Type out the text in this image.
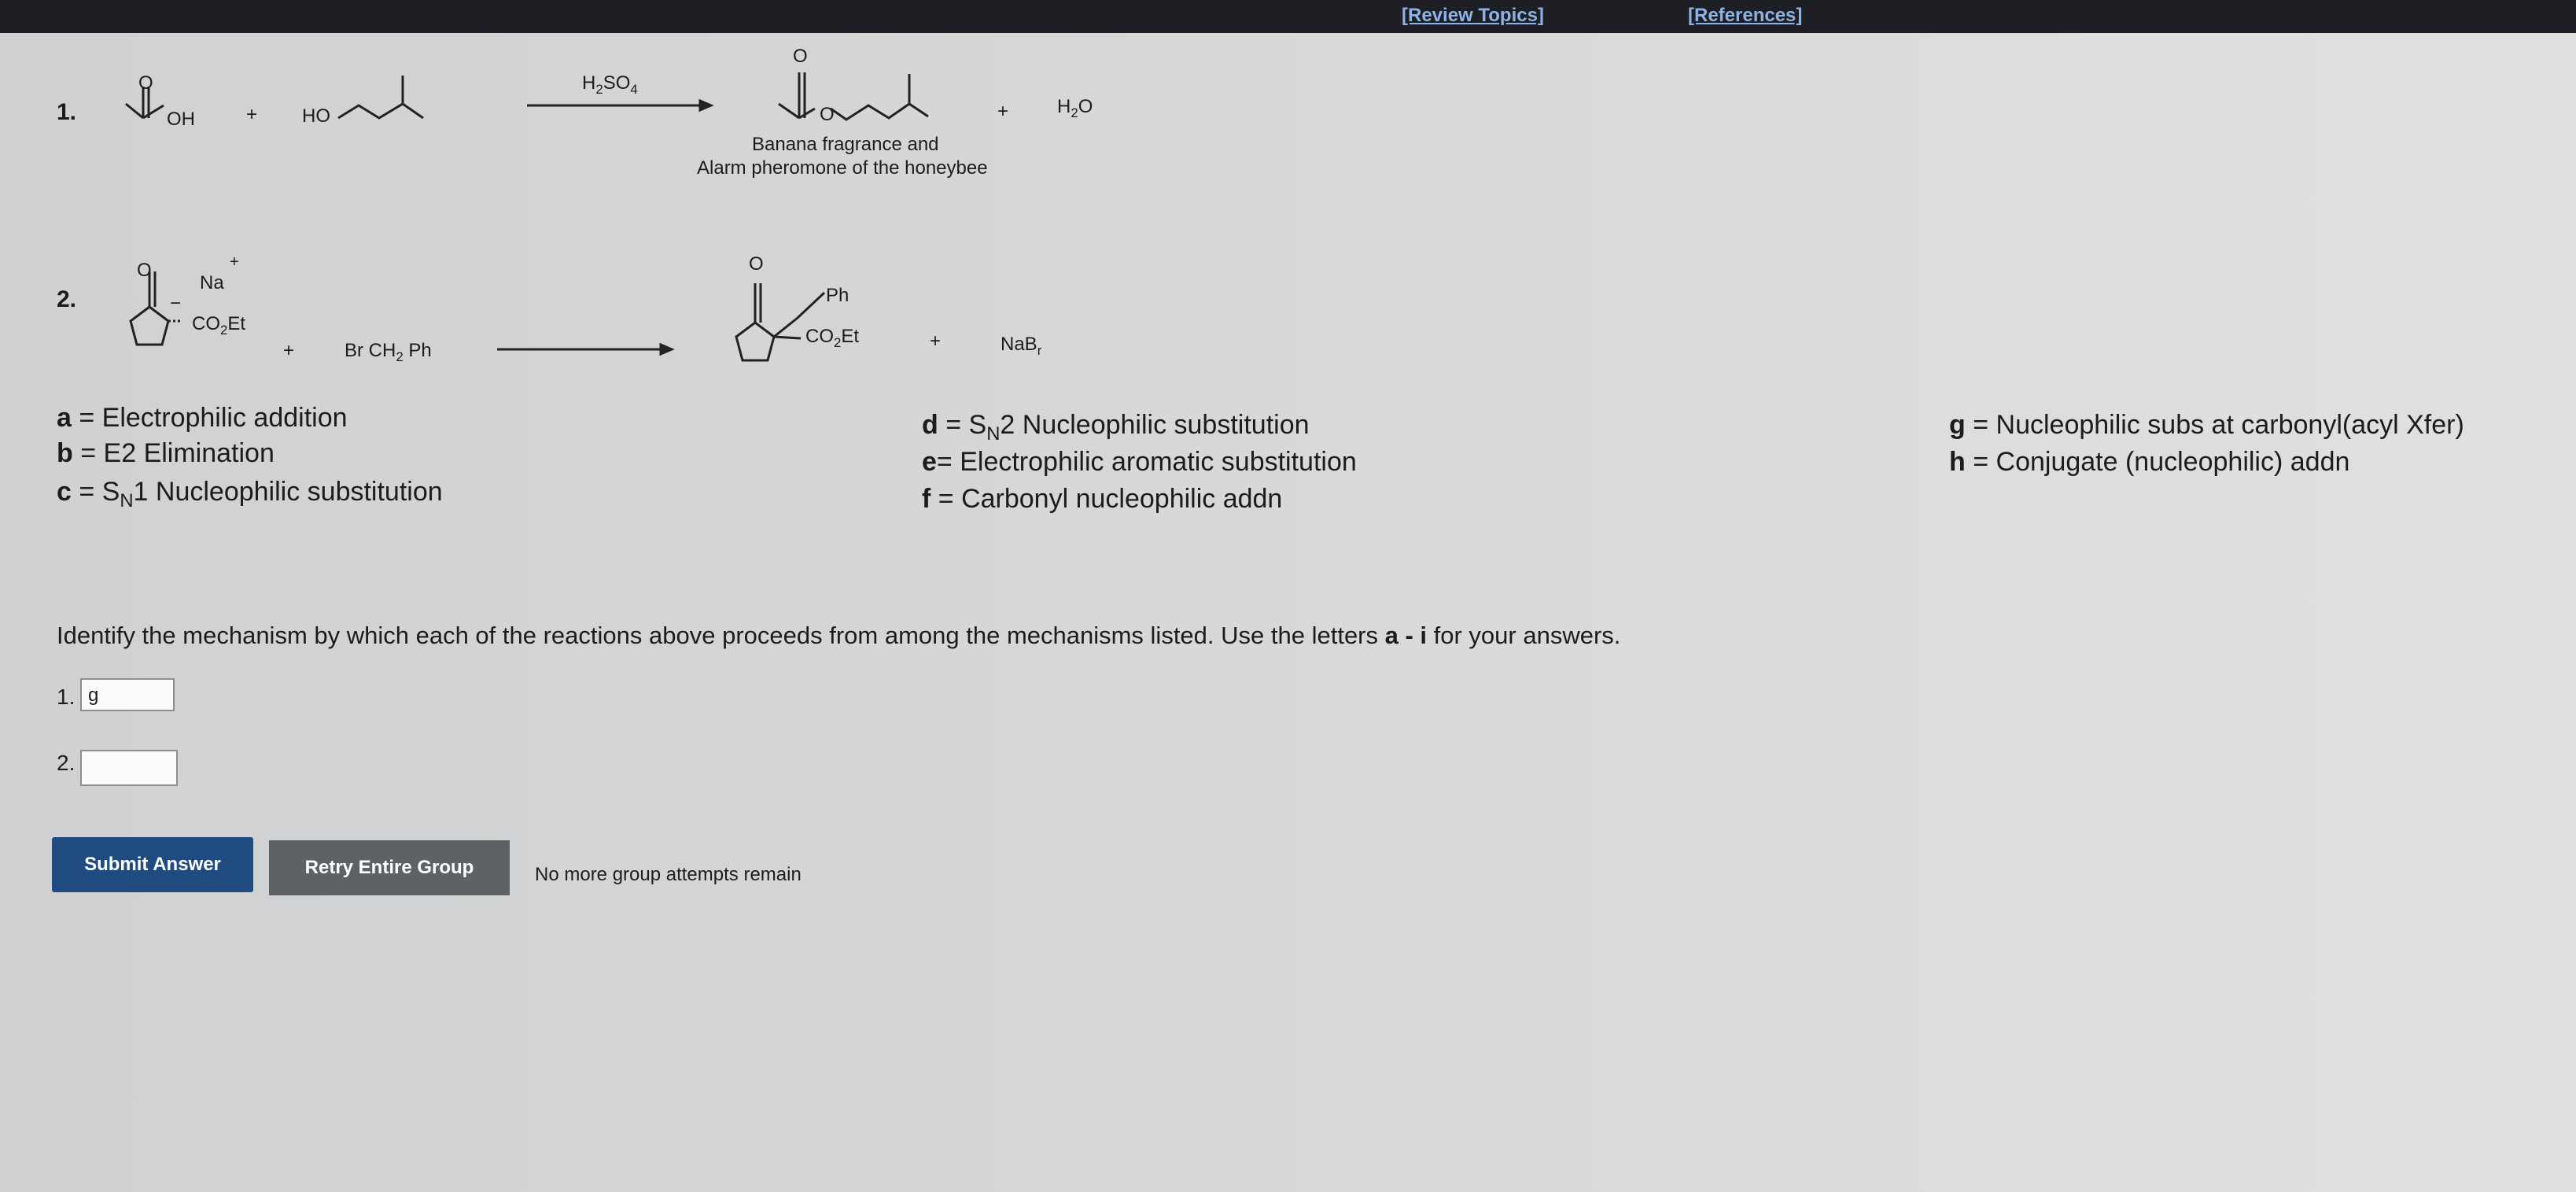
[Review Topics]	[References]
1.
O
OH	+ HO
$H_2SO_4$
O
O	+	$H_2O$
Banana fragrance and
Alarm pheromone of the honeybee
2.
O
Na
+
−
$CO_2Et$
+	Br $CH_2$ Ph
O
Ph
$CO_2Et$	+	NaB$_r$
a = Electrophilic addition
b = E2 Elimination
$c = S_N1$ Nucleophilic substitution
$d = S_N2$ Nucleophilic substitution
e= Electrophilic aromatic substitution
f = Carbonyl nucleophilic addn
g = Nucleophilic subs at carbonyl(acyl Xfer)
h = Conjugate (nucleophilic) addn
Identify the mechanism by which each of the reactions above proceeds from among the mechanisms listed. Use the letters a - i for your answers.
1. g
2.
Submit Answer	Retry Entire Group	No more group attempts remain
